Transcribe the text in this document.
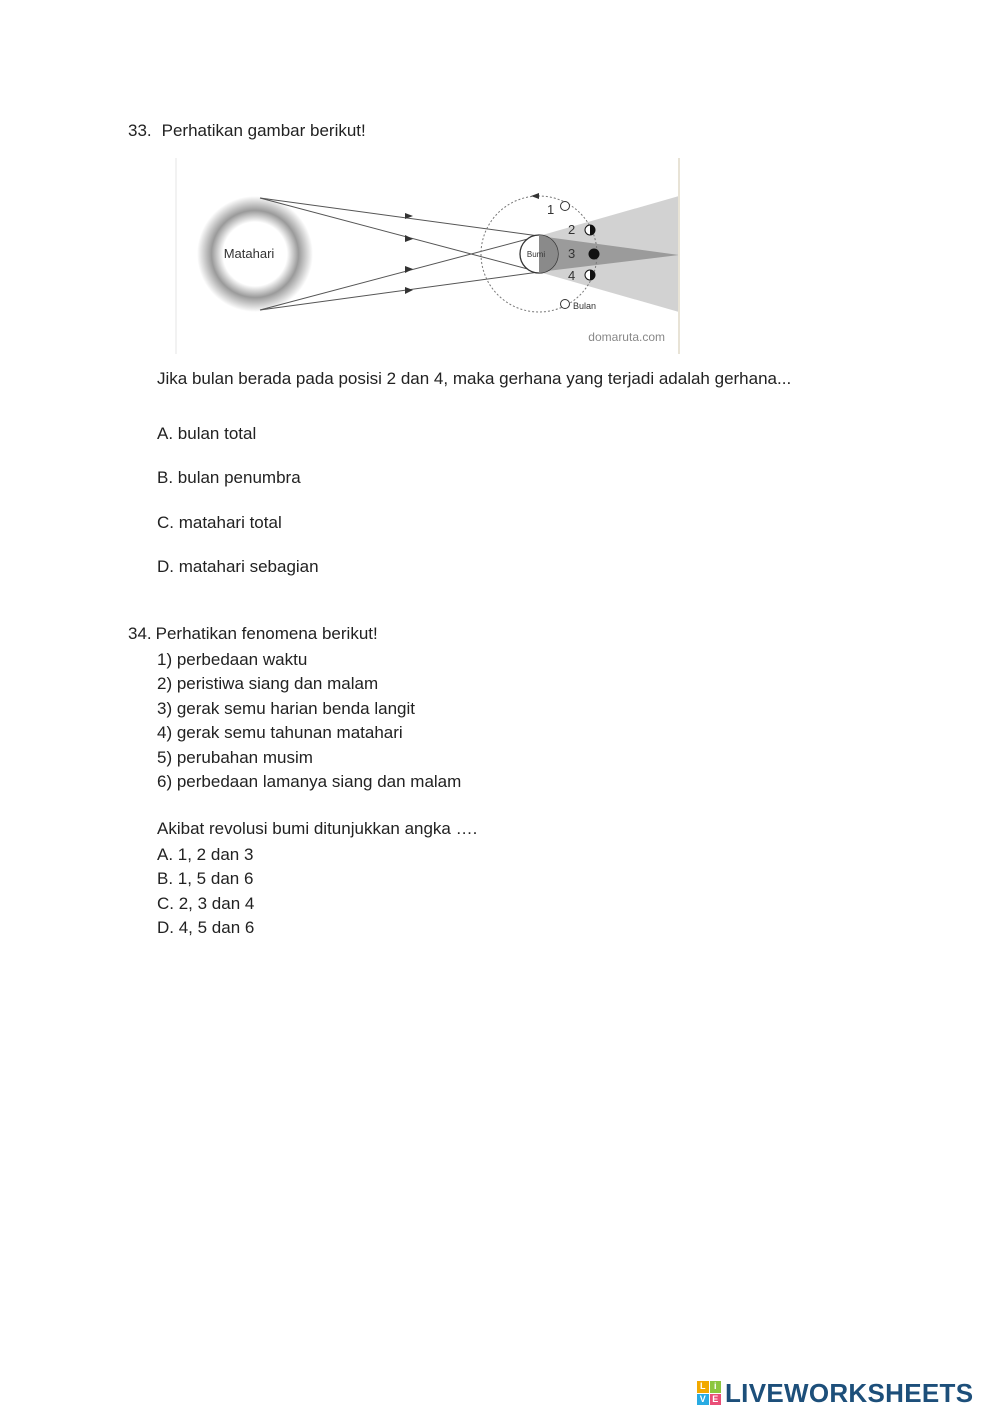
33. Perhatikan gambar berikut!
Matahari	Bumi
1
2
3
4
Bulan
domaruta.com
Jika bulan berada pada posisi 2 dan 4, maka gerhana yang terjadi adalah gerhana...
A. bulan total
B. bulan penumbra
C. matahari total
D. matahari sebagian
34. Perhatikan fenomena berikut!
1) perbedaan waktu
2) peristiwa siang dan malam
3) gerak semu harian benda langit
4) gerak semu tahunan matahari
5) perubahan musim
6) perbedaan lamanya siang dan malam
Akibat revolusi bumi ditunjukkan angka ….
A. 1, 2 dan 3
B. 1, 5 dan 6
C. 2, 3 dan 4
D. 4, 5 dan 6
L i
V E LIVEWORKSHEETS
